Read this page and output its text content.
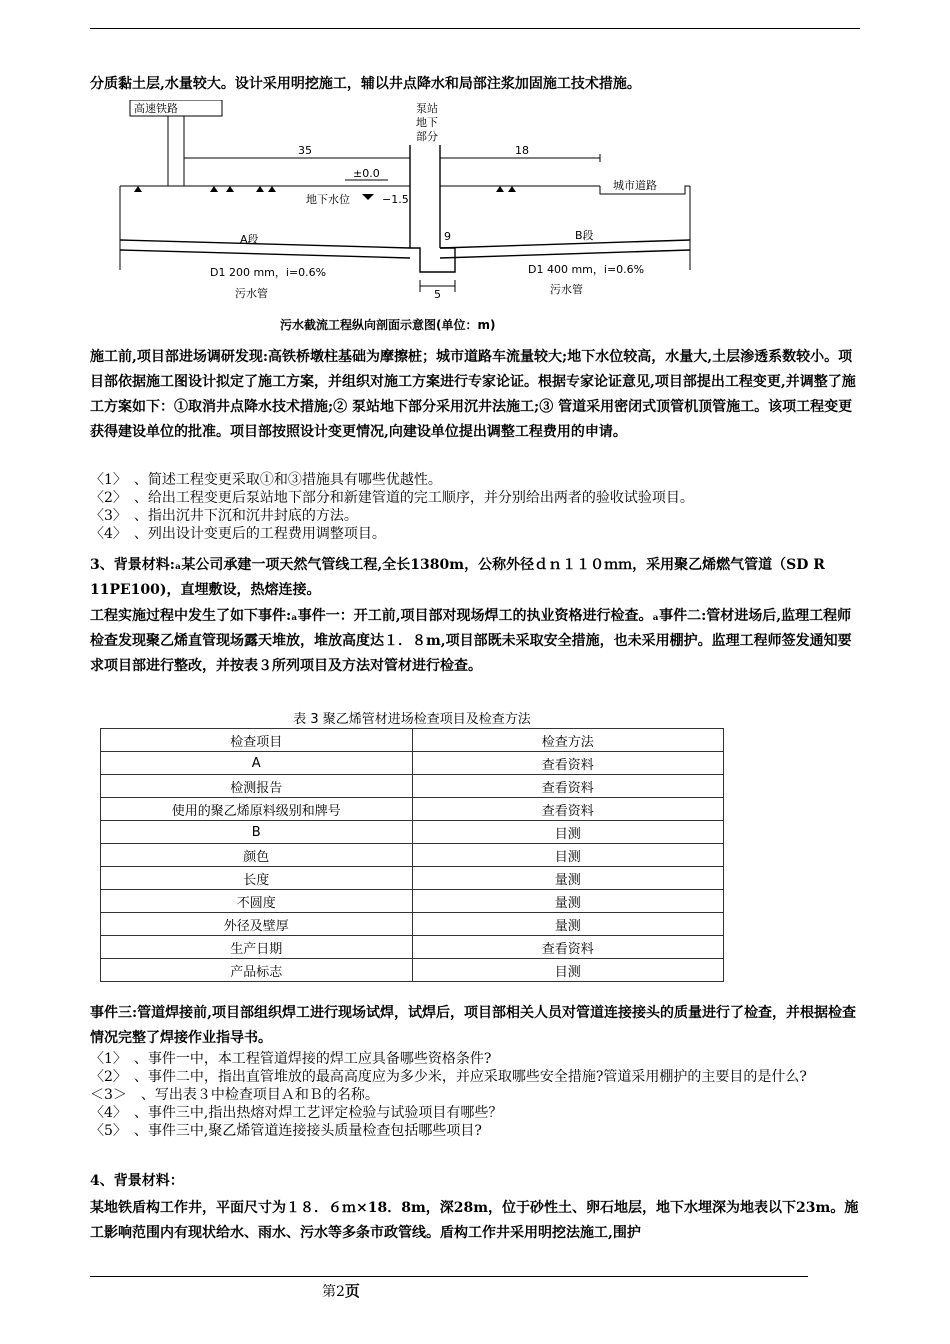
分质黏土层,水量较大。设计采用明挖施工，辅以井点降水和局部注浆加固施工技术措施。

高速铁路	泵站
地下
部分
35	18
±0.0
城市道路
地下水位	−1.5
9
A段	B段
D1 200 mm，i=0.6%	D1 400 mm，i=0.6%
污水管	污水管
5
污水截流工程纵向剖面示意图(单位：m)

施工前,项目部进场调研发现:高铁桥墩柱基础为摩擦桩；城市道路车流量较大;地下水位较高，水量大,土层渗透系数较小。项目部依据施工图设计拟定了施工方案，并组织对施工方案进行专家论证。根据专家论证意见,项目部提出工程变更,并调整了施工方案如下：①取消井点降水技术措施;② 泵站地下部分采用沉井法施工;③ 管道采用密闭式顶管机顶管施工。该项工程变更获得建设单位的批准。项目部按照设计变更情况,向建设单位提出调整工程费用的申请。

〈1〉　、简述工程变更采取①和③措施具有哪些优越性。
〈2〉　、给出工程变更后泵站地下部分和新建管道的完工顺序，并分别给出两者的验收试验项目。
〈3〉　、指出沉井下沉和沉井封底的方法。
〈4〉　、列出设计变更后的工程费用调整项目。

3、背景材料:ₐ某公司承建一项天然气管线工程,全长1380m，公称外径ｄｎ１１０ｍｍ，采用聚乙烯燃气管道（SD R 11PE100)，直埋敷设，热熔连接。

工程实施过程中发生了如下事件:ₐ事件一：开工前,项目部对现场焊工的执业资格进行检查。ₐ事件二:管材进场后,监理工程师检查发现聚乙烯直管现场露天堆放，堆放高度达１．８m,项目部既未采取安全措施，也未采用棚护。监理工程师签发通知要求项目部进行整改，并按表３所列项目及方法对管材进行检查。

表 3 聚乙烯管材进场检查项目及检查方法
检查项目	检查方法
A	查看资料
检测报告	查看资料
使用的聚乙烯原料级别和牌号	查看资料
B	目测
颜色	目测
长度	量测
不圆度	量测
外径及壁厚	量测
生产日期	查看资料
产品标志	目测

事件三:管道焊接前,项目部组织焊工进行现场试焊，试焊后，项目部相关人员对管道连接接头的质量进行了检查，并根据检查情况完整了焊接作业指导书。

〈1〉　、事件一中，本工程管道焊接的焊工应具备哪些资格条件?
〈2〉　、事件二中，指出直管堆放的最高高度应为多少米，并应采取哪些安全措施?管道采用棚护的主要目的是什么?
＜3＞　、写出表３中检查项目Ａ和Ｂ的名称。
〈4〉　、事件三中,指出热熔对焊工艺评定检验与试验项目有哪些？
〈5〉　、事件三中,聚乙烯管道连接接头质量检查包括哪些项目?

4、背景材料：

某地铁盾构工作井，平面尺寸为１８．６ｍ×18．8m，深28m，位于砂性土、卵石地层，地下水埋深为地表以下23m。施工影响范围内有现状给水、雨水、污水等多条市政管线。盾构工作井采用明挖法施工,围护

第2页
